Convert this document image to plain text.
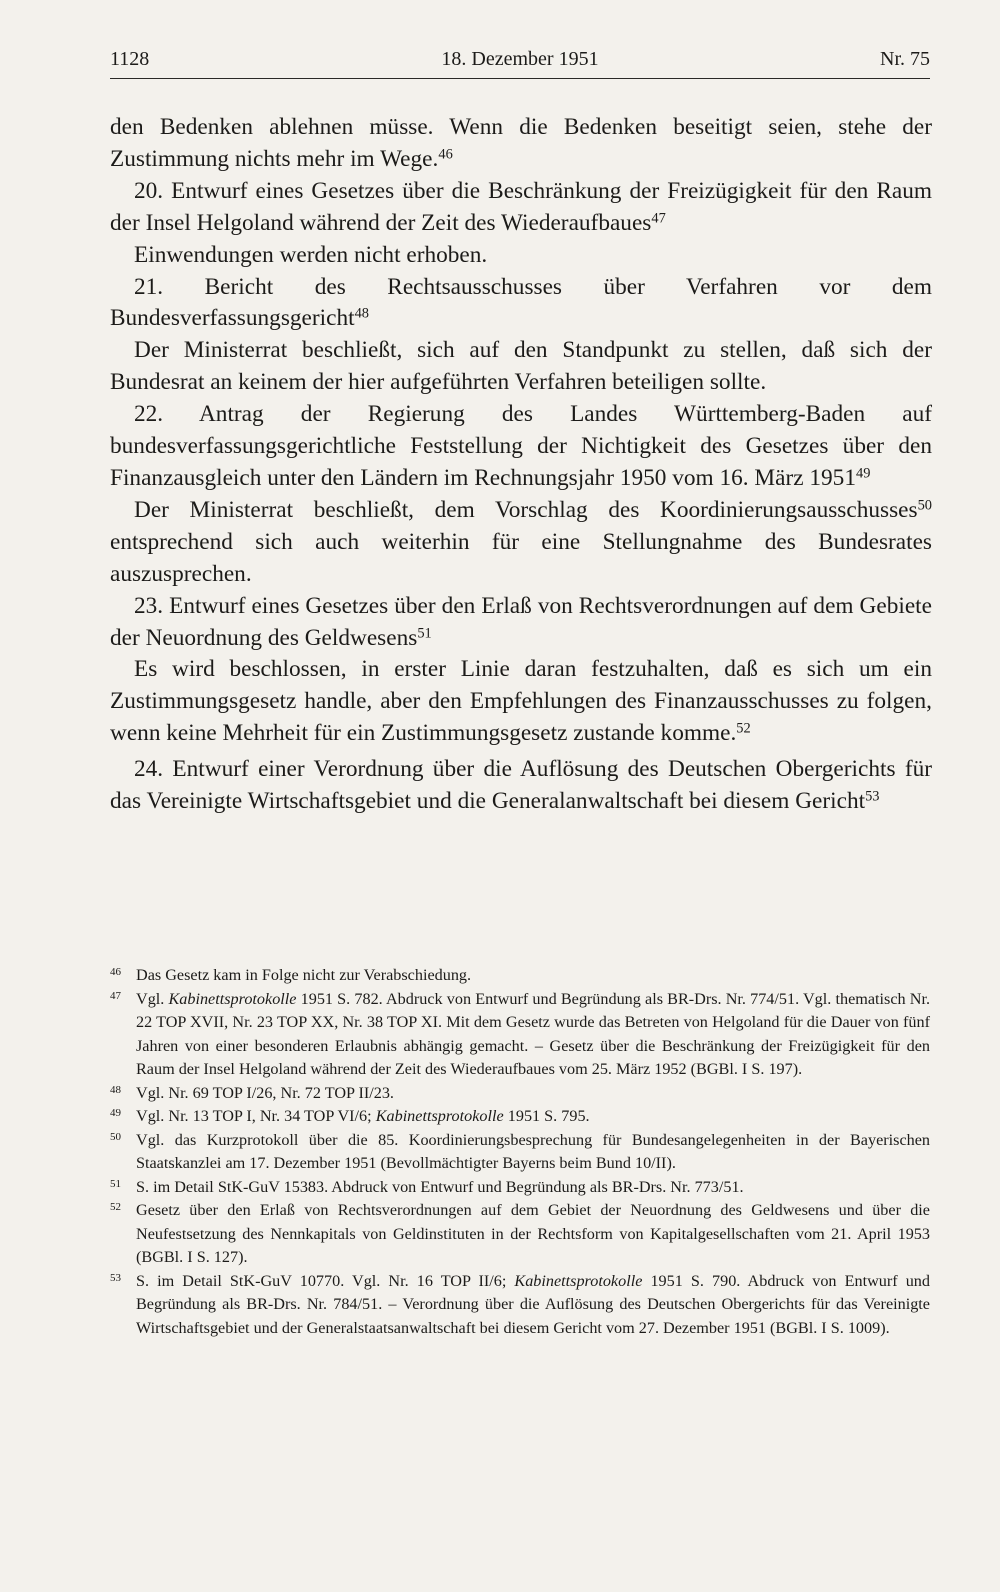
1128	18. Dezember 1951	Nr. 75

den Bedenken ablehnen müsse. Wenn die Bedenken beseitigt seien, stehe der Zustimmung nichts mehr im Wege.$^{46}$

20. Entwurf eines Gesetzes über die Beschränkung der Freizügigkeit für den Raum der Insel Helgoland während der Zeit des Wiederaufbaues$^{47}$

Einwendungen werden nicht erhoben.

21. Bericht des Rechtsausschusses über Verfahren vor dem Bundesverfassungsgericht$^{48}$

Der Ministerrat beschließt, sich auf den Standpunkt zu stellen, daß sich der Bundesrat an keinem der hier aufgeführten Verfahren beteiligen sollte.

22. Antrag der Regierung des Landes Württemberg-Baden auf bundesverfassungsgerichtliche Feststellung der Nichtigkeit des Gesetzes über den Finanzausgleich unter den Ländern im Rechnungsjahr 1950 vom 16. März 1951$^{49}$

Der Ministerrat beschließt, dem Vorschlag des Koordinierungsausschusses$^{50}$ entsprechend sich auch weiterhin für eine Stellungnahme des Bundesrates auszusprechen.

23. Entwurf eines Gesetzes über den Erlaß von Rechtsverordnungen auf dem Gebiete der Neuordnung des Geldwesens$^{51}$

Es wird beschlossen, in erster Linie daran festzuhalten, daß es sich um ein Zustimmungsgesetz handle, aber den Empfehlungen des Finanzausschusses zu folgen, wenn keine Mehrheit für ein Zustimmungsgesetz zustande komme.$^{52}$

24. Entwurf einer Verordnung über die Auflösung des Deutschen Obergerichts für das Vereinigte Wirtschaftsgebiet und die Generalanwaltschaft bei diesem Gericht$^{53}$

46 Das Gesetz kam in Folge nicht zur Verabschiedung.

47 Vgl. Kabinettsprotokolle 1951 S. 782. Abdruck von Entwurf und Begründung als BR-Drs. Nr. 774/51. Vgl. thematisch Nr. 22 TOP XVII, Nr. 23 TOP XX, Nr. 38 TOP XI. Mit dem Gesetz wurde das Betreten von Helgoland für die Dauer von fünf Jahren von einer besonderen Erlaubnis abhängig gemacht. – Gesetz über die Beschränkung der Freizügigkeit für den Raum der Insel Helgoland während der Zeit des Wiederaufbaues vom 25. März 1952 (BGBl. I S. 197).

48 Vgl. Nr. 69 TOP I/26, Nr. 72 TOP II/23.

49 Vgl. Nr. 13 TOP I, Nr. 34 TOP VI/6; Kabinettsprotokolle 1951 S. 795.

50 Vgl. das Kurzprotokoll über die 85. Koordinierungsbesprechung für Bundesangelegenheiten in der Bayerischen Staatskanzlei am 17. Dezember 1951 (Bevollmächtigter Bayerns beim Bund 10/II).

51 S. im Detail StK-GuV 15383. Abdruck von Entwurf und Begründung als BR-Drs. Nr. 773/51.

52 Gesetz über den Erlaß von Rechtsverordnungen auf dem Gebiet der Neuordnung des Geldwesens und über die Neufestsetzung des Nennkapitals von Geldinstituten in der Rechtsform von Kapitalgesellschaften vom 21. April 1953 (BGBl. I S. 127).

53 S. im Detail StK-GuV 10770. Vgl. Nr. 16 TOP II/6; Kabinettsprotokolle 1951 S. 790. Abdruck von Entwurf und Begründung als BR-Drs. Nr. 784/51. – Verordnung über die Auflösung des Deutschen Obergerichts für das Vereinigte Wirtschaftsgebiet und der Generalstaatsanwaltschaft bei diesem Gericht vom 27. Dezember 1951 (BGBl. I S. 1009).
